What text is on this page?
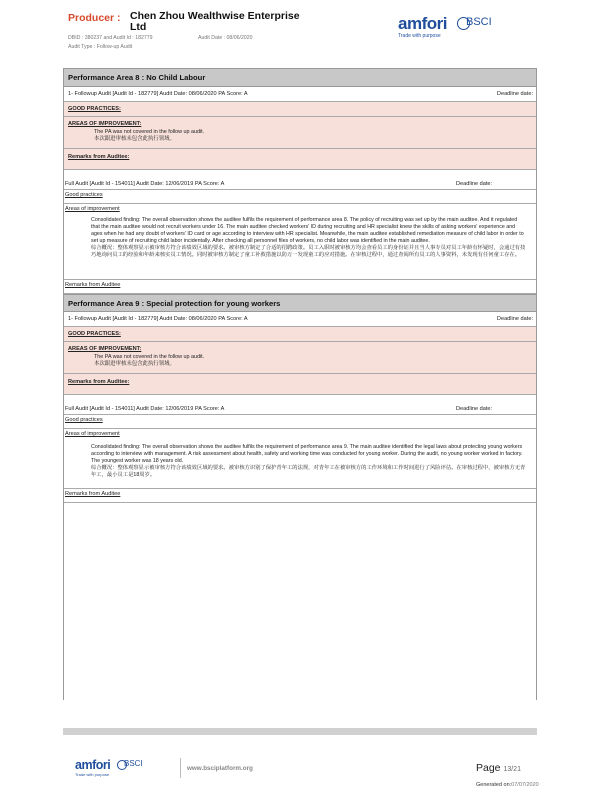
Producer : Chen Zhou Wealthwise Enterprise Ltd
DBID : 380237 and Audit Id : 182779	Audit Date : 08/06/2020
Audit Type : Follow-up Audit
amfori BSCI
Trade with purpose
Performance Area 8 : No Child Labour
1- Followup Audit [Audit Id - 182779] Audit Date: 08/06/2020 PA Score: A	Deadline date:
GOOD PRACTICES:
AREAS OF IMPROVEMENT:
The PA was not covered in the follow up audit.
本次跟进审核未包含此执行领域。
Remarks from Auditee:
Full Audit [Audit Id - 154011] Audit Date: 12/06/2019 PA Score: A	Deadline date:
Good practices
Areas of improvement
Consolidated finding: The overall observation shows the auditee fulfils the requirement of performance area 8. The policy of recruiting was set up by the main auditee. And it regulated that the main auditee would not recruit workers under 16. The main auditee checked workers' ID during recruiting and HR specialist knew the skills of asking workers' experience and ages when he had any doubt of workers' ID card or age according to interview with HR specialist. Meanwhile, the main auditee established remediation measure of child labor in order to set up measure of recruiting child labor incidentally. After checking all personnel files of workers, no child labor was identified in the main auditee.
综合概况：整体观察显示被审核方符合该绩效区域的要求。被审核方制定了合适的招聘政策。员工入职时被审核方均会查看员工的身份证并且当人事专员对员工年龄有怀疑时，会通过有技巧地询问员工的经验和年龄来核实员工情况。同时被审核方制定了童工补救措施以防万一发现童工的应对措施。在审核过程中，通过查阅所有员工的人事资料，未发现有任何童工存在。
Remarks from Auditee
Performance Area 9 : Special protection for young workers
1- Followup Audit [Audit Id - 182779] Audit Date: 08/06/2020 PA Score: A	Deadline date:
GOOD PRACTICES:
AREAS OF IMPROVEMENT:
The PA was not covered in the follow up audit.
本次跟进审核未包含此执行领域。
Remarks from Auditee:
Full Audit [Audit Id - 154011] Audit Date: 12/06/2019 PA Score: A	Deadline date:
Good practices
Areas of improvement
Consolidated finding: The overall observation shows the auditee fulfils the requirement of performance area 9. The main auditee identified the legal laws about protecting young workers according to interview with management. A risk assessment about health, safety and working time was conducted for young worker. During the audit, no young worker worked in factory. The youngest worker was 18 years old.
综合概况：整体观察显示被审核方符合该绩效区域的要求。被审核方识别了保护青年工的法规，对青年工在被审核方的工作环境和工作时间进行了风险评估。在审核过程中，被审核方无青年工，最小员工是18周岁。
Remarks from Auditee
amfori BSCI
Trade with purpose
www.bsciplatform.org	Page 13/21
Generated on:07/07/2020
